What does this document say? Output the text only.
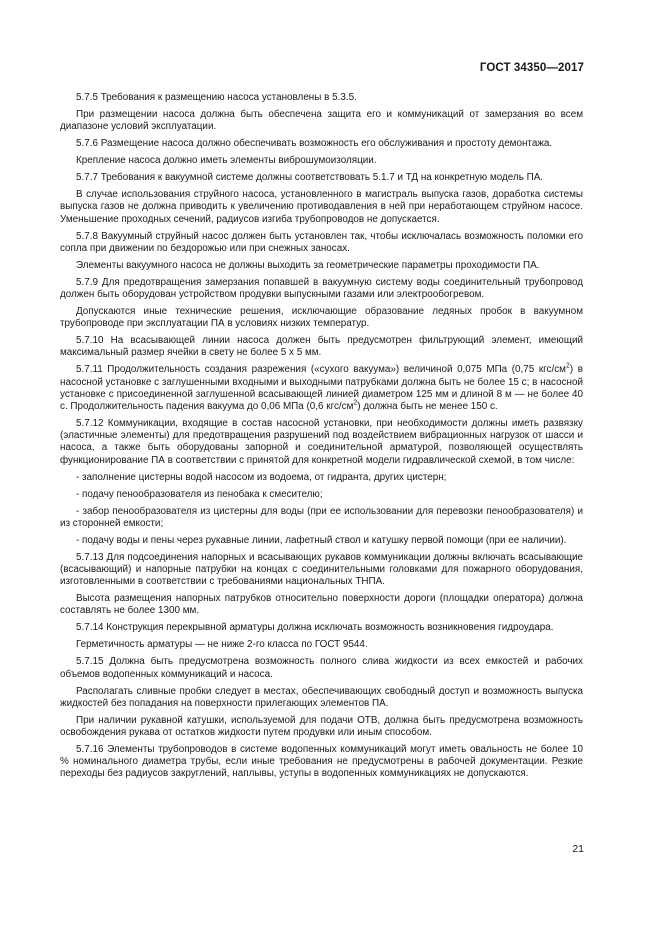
ГОСТ 34350—2017

5.7.5 Требования к размещению насоса установлены в 5.3.5.

При размещении насоса должна быть обеспечена защита его и коммуникаций от замерзания во всем диапазоне условий эксплуатации.

5.7.6 Размещение насоса должно обеспечивать возможность его обслуживания и простоту демонтажа.

Крепление насоса должно иметь элементы виброшумоизоляции.

5.7.7 Требования к вакуумной системе должны соответствовать 5.1.7 и ТД на конкретную модель ПА.

В случае использования струйного насоса, установленного в магистраль выпуска газов, доработка системы выпуска газов не должна приводить к увеличению противодавления в ней при неработающем струйном насосе. Уменьшение проходных сечений, радиусов изгиба трубопроводов не допускается.

5.7.8 Вакуумный струйный насос должен быть установлен так, чтобы исключалась возможность поломки его сопла при движении по бездорожью или при снежных заносах.

Элементы вакуумного насоса не должны выходить за геометрические параметры проходимости ПА.

5.7.9 Для предотвращения замерзания попавшей в вакуумную систему воды соединительный трубопровод должен быть оборудован устройством продувки выпускными газами или электрообогревом.

Допускаются иные технические решения, исключающие образование ледяных пробок в вакуумном трубопроводе при эксплуатации ПА в условиях низких температур.

5.7.10 На всасывающей линии насоса должен быть предусмотрен фильтрующий элемент, имеющий максимальный размер ячейки в свету не более 5 х 5 мм.

5.7.11 Продолжительность создания разрежения («сухого вакуума») величиной 0,075 МПа (0,75 кгс/$см^2$) в насосной установке с заглушенными входными и выходными патрубками должна быть не более 15 с; в насосной установке с присоединенной заглушенной всасывающей линией диаметром 125 мм и длиной 8 м — не более 40 с. Продолжительность падения вакуума до 0,06 МПа (0,6 кгс/$см^2$) должна быть не менее 150 с.

5.7.12 Коммуникации, входящие в состав насосной установки, при необходимости должны иметь развязку (эластичные элементы) для предотвращения разрушений под воздействием вибрационных нагрузок от шасси и насоса, а также быть оборудованы запорной и соединительной арматурой, позволяющей осуществлять функционирование ПА в соответствии с принятой для конкретной модели гидравлической схемой, в том числе:

- заполнение цистерны водой насосом из водоема, от гидранта, других цистерн;

- подачу пенообразователя из пенобака к смесителю;

- забор пенообразователя из цистерны для воды (при ее использовании для перевозки пенообразователя) и из сторонней емкости;

- подачу воды и пены через рукавные линии, лафетный ствол и катушку первой помощи (при ее наличии).

5.7.13 Для подсоединения напорных и всасывающих рукавов коммуникации должны включать всасывающие (всасывающий) и напорные патрубки на концах с соединительными головками для пожарного оборудования, изготовленными в соответствии с требованиями национальных ТНПА.

Высота размещения напорных патрубков относительно поверхности дороги (площадки оператора) должна составлять не более 1300 мм.

5.7.14 Конструкция перекрывной арматуры должна исключать возможность возникновения гидроудара.

Герметичность арматуры — не ниже 2-го класса по ГОСТ 9544.

5.7.15 Должна быть предусмотрена возможность полного слива жидкости из всех емкостей и рабочих объемов водопенных коммуникаций и насоса.

Располагать сливные пробки следует в местах, обеспечивающих свободный доступ и возможность выпуска жидкостей без попадания на поверхности прилегающих элементов ПА.

При наличии рукавной катушки, используемой для подачи ОТВ, должна быть предусмотрена возможность освобождения рукава от остатков жидкости путем продувки или иным способом.

5.7.16 Элементы трубопроводов в системе водопенных коммуникаций могут иметь овальность не более 10 % номинального диаметра трубы, если иные требования не предусмотрены в рабочей документации. Резкие переходы без радиусов закруглений, наплывы, уступы в водопенных коммуникациях не допускаются.

21
